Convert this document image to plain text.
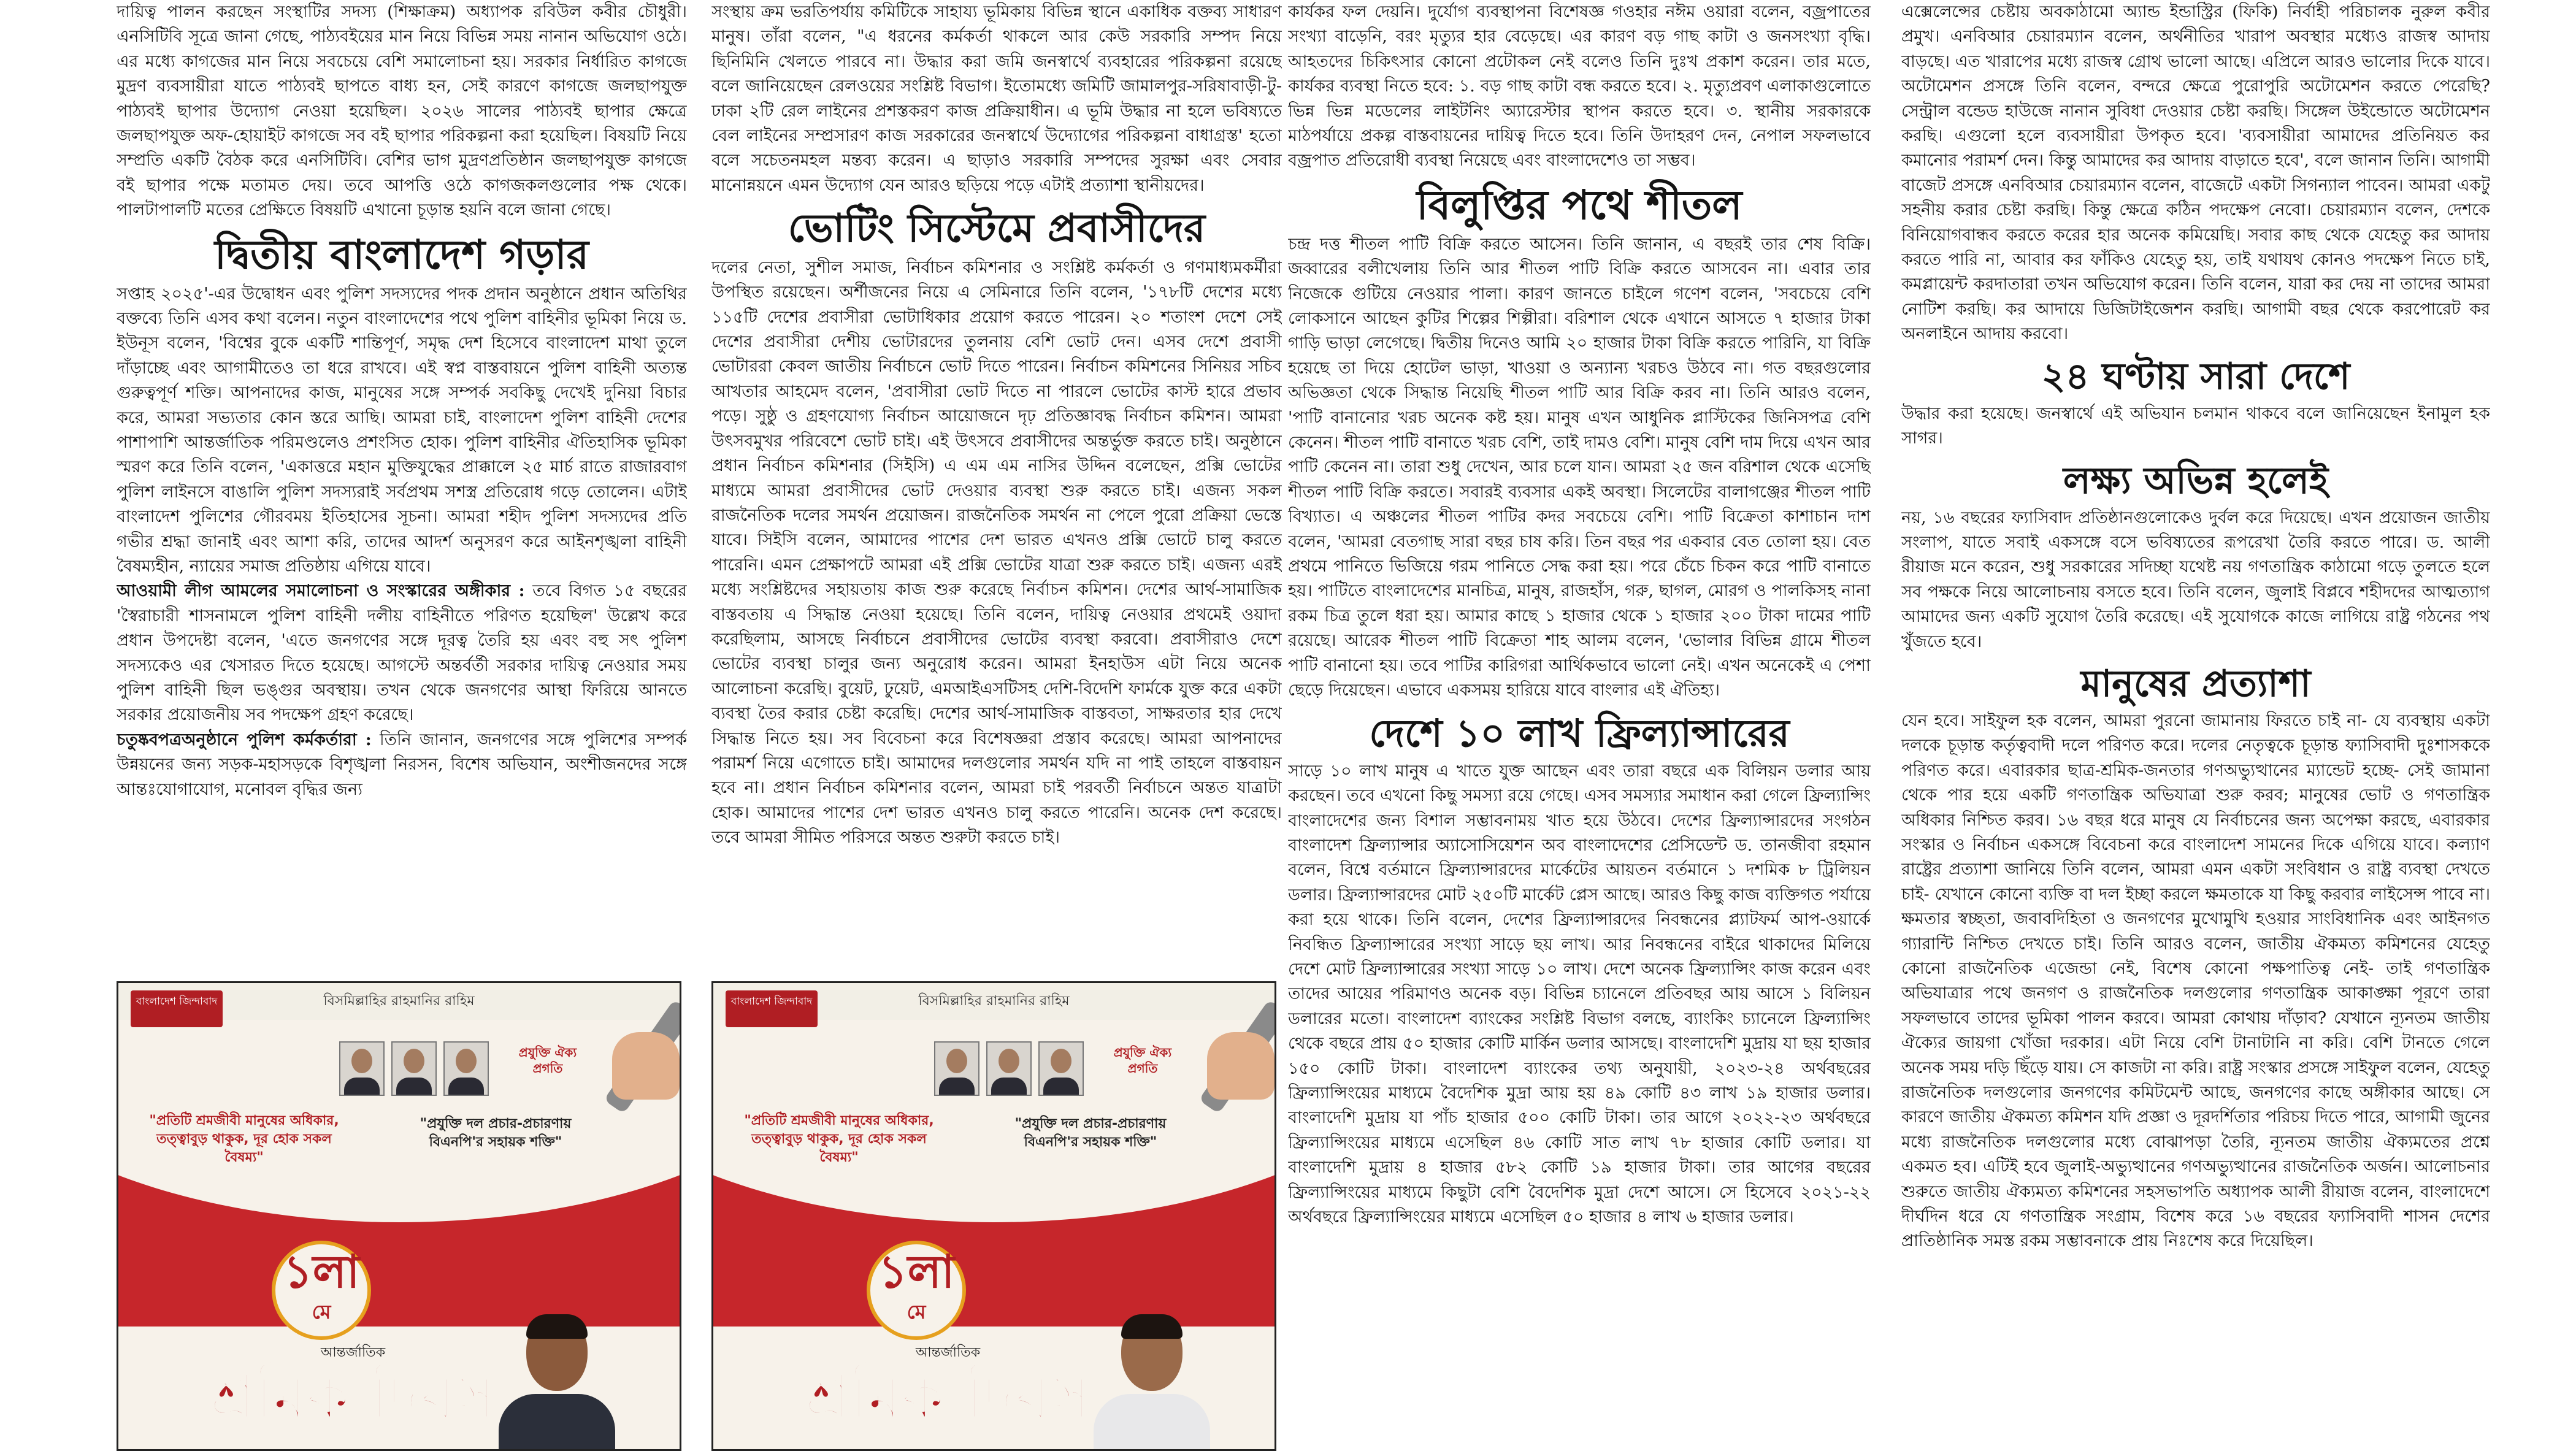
দায়িত্ব পালন করছেন সংস্থাটির সদস্য (শিক্ষাক্রম) অধ্যাপক রবিউল কবীর চৌধুরী। এনসিটিবি সূত্রে জানা গেছে, পাঠ্যবইয়ের মান নিয়ে বিভিন্ন সময় নানান অভিযোগ ওঠে। এর মধ্যে কাগজের মান নিয়ে সবচেয়ে বেশি সমালোচনা হয়। সরকার নির্ধারিত কাগজে মুদ্রণ ব্যবসায়ীরা যাতে পাঠ্যবই ছাপতে বাধ্য হন, সেই কারণে কাগজে জলছাপযুক্ত পাঠ্যবই ছাপার উদ্যোগ নেওয়া হয়েছিল। ২০২৬ সালের পাঠ্যবই ছাপার ক্ষেত্রে জলছাপযুক্ত অফ-হোয়াইট কাগজে সব বই ছাপার পরিকল্পনা করা হয়েছিল। বিষয়টি নিয়ে সম্প্রতি একটি বৈঠক করে এনসিটিবি। বেশির ভাগ মুদ্রণপ্রতিষ্ঠান জলছাপযুক্ত কাগজে বই ছাপার পক্ষে মতামত দেয়। তবে আপত্তি ওঠে কাগজকলগুলোর পক্ষ থেকে। পালটাপালটি মতের প্রেক্ষিতে বিষয়টি এখানো চূড়ান্ত হয়নি বলে জানা গেছে।

দ্বিতীয় বাংলাদেশ গড়ার

সপ্তাহ ২০২৫'-এর উদ্বোধন এবং পুলিশ সদস্যদের পদক প্রদান অনুষ্ঠানে প্রধান অতিথির বক্তব্যে তিনি এসব কথা বলেন। নতুন বাংলাদেশের পথে পুলিশ বাহিনীর ভূমিকা নিয়ে ড. ইউনূস বলেন, 'বিশ্বের বুকে একটি শান্তিপূর্ণ, সমৃদ্ধ দেশ হিসেবে বাংলাদেশ মাথা তুলে দাঁড়াচ্ছে এবং আগামীতেও তা ধরে রাখবে। এই স্বপ্ন বাস্তবায়নে পুলিশ বাহিনী অত্যন্ত গুরুত্বপূর্ণ শক্তি। আপনাদের কাজ, মানুষের সঙ্গে সম্পর্ক সবকিছু দেখেই দুনিয়া বিচার করে, আমরা সভ্যতার কোন স্তরে আছি। আমরা চাই, বাংলাদেশ পুলিশ বাহিনী দেশের পাশাপাশি আন্তর্জাতিক পরিমণ্ডলেও প্রশংসিত হোক। পুলিশ বাহিনীর ঐতিহাসিক ভূমিকা স্মরণ করে তিনি বলেন, 'একাত্তরে মহান মুক্তিযুদ্ধের প্রাক্কালে ২৫ মার্চ রাতে রাজারবাগ পুলিশ লাইনসে বাঙালি পুলিশ সদস্যরাই সর্বপ্রথম সশস্ত্র প্রতিরোধ গড়ে তোলেন। এটাই বাংলাদেশ পুলিশের গৌরবময় ইতিহাসের সূচনা। আমরা শহীদ পুলিশ সদস্যদের প্রতি গভীর শ্রদ্ধা জানাই এবং আশা করি, তাদের আদর্শ অনুসরণ করে আইনশৃঙ্খলা বাহিনী বৈষম্যহীন, ন্যায়ের সমাজ প্রতিষ্ঠায় এগিয়ে যাবে।

আওয়ামী লীগ আমলের সমালোচনা ও সংস্কারের অঙ্গীকার : তবে বিগত ১৫ বছরের 'স্বৈরাচারী শাসনামলে পুলিশ বাহিনী দলীয় বাহিনীতে পরিণত হয়েছিল' উল্লেখ করে প্রধান উপদেষ্টা বলেন, 'এতে জনগণের সঙ্গে দূরত্ব তৈরি হয় এবং বহু সৎ পুলিশ সদস্যকেও এর খেসারত দিতে হয়েছে। আগস্টে অন্তর্বর্তী সরকার দায়িত্ব নেওয়ার সময় পুলিশ বাহিনী ছিল ভঙ্গুর অবস্থায়। তখন থেকে জনগণের আস্থা ফিরিয়ে আনতে সরকার প্রয়োজনীয় সব পদক্ষেপ গ্রহণ করেছে।

চতুষ্কবপত্রঅনুষ্ঠানে পুলিশ কর্মকর্তারা : তিনি জানান, জনগণের সঙ্গে পুলিশের সম্পর্ক উন্নয়নের জন্য সড়ক-মহাসড়কে বিশৃঙ্খলা নিরসন, বিশেষ অভিযান, অংশীজনদের সঙ্গে আন্তঃযোগাযোগ, মনোবল বৃদ্ধির জন্য

সংস্থায় ক্রম ভরতিপর্যায় কমিটিকে সাহায্য ভূমিকায় বিভিন্ন স্থানে একাধিক বক্তব্য সাধারণ মানুষ। তাঁরা বলেন, "এ ধরনের কর্মকর্তা থাকলে আর কেউ সরকারি সম্পদ নিয়ে ছিনিমিনি খেলতে পারবে না। উদ্ধার করা জমি জনস্বার্থে ব্যবহারের পরিকল্পনা রয়েছে বলে জানিয়েছেন রেলওয়ের সংশ্লিষ্ট বিভাগ। ইতোমধ্যে জমিটি জামালপুর-সরিষাবাড়ী-টু-ঢাকা ২টি রেল লাইনের প্রশস্তকরণ কাজ প্রক্রিয়াধীন। এ ভূমি উদ্ধার না হলে ভবিষ্যতে বেল লাইনের সম্প্রসারণ কাজ সরকারের জনস্বার্থে উদ্যোগের পরিকল্পনা বাধাগ্রস্ত' হতো বলে সচেতনমহল মন্তব্য করেন। এ ছাড়াও সরকারি সম্পদের সুরক্ষা এবং সেবার মানোন্নয়নে এমন উদ্যোগ যেন আরও ছড়িয়ে পড়ে এটাই প্রত্যাশা স্থানীয়দের।

ভোটিং সিস্টেমে প্রবাসীদের

দলের নেতা, সুশীল সমাজ, নির্বাচন কমিশনার ও সংশ্লিষ্ট কর্মকর্তা ও গণমাধ্যমকর্মীরা উপস্থিত রয়েছেন। অর্শীজনের নিয়ে এ সেমিনারে তিনি বলেন, '১৭৮টি দেশের মধ্যে ১১৫টি দেশের প্রবাসীরা ভোটাধিকার প্রয়োগ করতে পারেন। ২০ শতাংশ দেশে সেই দেশের প্রবাসীরা দেশীয় ভোটারদের তুলনায় বেশি ভোট দেন। এসব দেশে প্রবাসী ভোটাররা কেবল জাতীয় নির্বাচনে ভোট দিতে পারেন। নির্বাচন কমিশনের সিনিয়র সচিব আখতার আহমেদ বলেন, 'প্রবাসীরা ভোট দিতে না পারলে ভোটের কাস্ট হারে প্রভাব পড়ে। সুষ্ঠু ও গ্রহণযোগ্য নির্বাচন আয়োজনে দৃঢ় প্রতিজ্ঞাবদ্ধ নির্বাচন কমিশন। আমরা উৎসবমুখর পরিবেশে ভোট চাই। এই উৎসবে প্রবাসীদের অন্তর্ভুক্ত করতে চাই। অনুষ্ঠানে প্রধান নির্বাচন কমিশনার (সিইসি) এ এম এম নাসির উদ্দিন বলেছেন, প্রক্সি ভোটের মাধ্যমে আমরা প্রবাসীদের ভোট দেওয়ার ব্যবস্থা শুরু করতে চাই। এজন্য সকল রাজনৈতিক দলের সমর্থন প্রয়োজন। রাজনৈতিক সমর্থন না পেলে পুরো প্রক্রিয়া ভেস্তে যাবে। সিইসি বলেন, আমাদের পাশের দেশ ভারত এখনও প্রক্সি ভোটে চালু করতে পারেনি। এমন প্রেক্ষাপটে আমরা এই প্রক্সি ভোটের যাত্রা শুরু করতে চাই। এজন্য এরই মধ্যে সংশ্লিষ্টদের সহায়তায় কাজ শুরু করেছে নির্বাচন কমিশন। দেশের আর্থ-সামাজিক বাস্তবতায় এ সিদ্ধান্ত নেওয়া হয়েছে। তিনি বলেন, দায়িত্ব নেওয়ার প্রথমেই ওয়াদা করেছিলাম, আসছে নির্বাচনে প্রবাসীদের ভোটের ব্যবস্থা করবো। প্রবাসীরাও দেশে ভোটের ব্যবস্থা চালুর জন্য অনুরোধ করেন। আমরা ইনহাউস এটা নিয়ে অনেক আলোচনা করেছি। বুয়েট, ঢুয়েট, এমআইএসটিসহ দেশি-বিদেশি ফার্মকে যুক্ত করে একটা ব্যবস্থা তৈর করার চেষ্টা করেছি। দেশের আর্থ-সামাজিক বাস্তবতা, সাক্ষরতার হার দেখে সিদ্ধান্ত নিতে হয়। সব বিবেচনা করে বিশেষজ্ঞরা প্রস্তাব করেছে। আমরা আপনাদের পরামর্শ নিয়ে এগোতে চাই। আমাদের দলগুলোর সমর্থন যদি না পাই তাহলে বাস্তবায়ন হবে না। প্রধান নির্বাচন কমিশনার বলেন, আমরা চাই পরবর্তী নির্বাচনে অন্তত যাত্রাটা হোক। আমাদের পাশের দেশ ভারত এখনও চালু করতে পারেনি। অনেক দেশ করেছে। তবে আমরা সীমিত পরিসরে অন্তত শুরুটা করতে চাই।

কার্যকর ফল দেয়নি। দুর্যোগ ব্যবস্থাপনা বিশেষজ্ঞ গওহার নঈম ওয়ারা বলেন, বজ্রপাতের সংখ্যা বাড়েনি, বরং মৃত্যুর হার বেড়েছে। এর কারণ বড় গাছ কাটা ও জনসংখ্যা বৃদ্ধি। আহতদের চিকিৎসার কোনো প্রটোকল নেই বলেও তিনি দুঃখ প্রকাশ করেন। তার মতে, কার্যকর ব্যবস্থা নিতে হবে: ১. বড় গাছ কাটা বন্ধ করতে হবে। ২. মৃত্যুপ্রবণ এলাকাগুলোতে ভিন্ন ভিন্ন মডেলের লাইটনিং অ্যারেস্টার স্থাপন করতে হবে। ৩. স্থানীয় সরকারকে মাঠপর্যায়ে প্রকল্প বাস্তবায়নের দায়িত্ব দিতে হবে। তিনি উদাহরণ দেন, নেপাল সফলভাবে বজ্রপাত প্রতিরোধী ব্যবস্থা নিয়েছে এবং বাংলাদেশেও তা সম্ভব।

বিলুপ্তির পথে শীতল

চন্দ্র দত্ত শীতল পাটি বিক্রি করতে আসেন। তিনি জানান, এ বছরই তার শেষ বিক্রি। জব্বারের বলীখেলায় তিনি আর শীতল পাটি বিক্রি করতে আসবেন না। এবার তার নিজেকে গুটিয়ে নেওয়ার পালা। কারণ জানতে চাইলে গণেশ বলেন, 'সবচেয়ে বেশি লোকসানে আছেন কুটির শিল্পের শিল্পীরা। বরিশাল থেকে এখানে আসতে ৭ হাজার টাকা গাড়ি ভাড়া লেগেছে। দ্বিতীয় দিনেও আমি ২০ হাজার টাকা বিক্রি করতে পারিনি, যা বিক্রি হয়েছে তা দিয়ে হোটেল ভাড়া, খাওয়া ও অন্যান্য খরচও উঠবে না। গত বছরগুলোর অভিজ্ঞতা থেকে সিদ্ধান্ত নিয়েছি শীতল পাটি আর বিক্রি করব না। তিনি আরও বলেন, 'পাটি বানানোর খরচ অনেক কষ্ট হয়। মানুষ এখন আধুনিক প্লাস্টিকের জিনিসপত্র বেশি কেনেন। শীতল পাটি বানাতে খরচ বেশি, তাই দামও বেশি। মানুষ বেশি দাম দিয়ে এখন আর পাটি কেনেন না। তারা শুধু দেখেন, আর চলে যান। আমরা ২৫ জন বরিশাল থেকে এসেছি শীতল পাটি বিক্রি করতে। সবারই ব্যবসার একই অবস্থা। সিলেটের বালাগঞ্জের শীতল পাটি বিখ্যাত। এ অঞ্চলের শীতল পাটির কদর সবচেয়ে বেশি। পাটি বিক্রেতা কাশাচান দাশ বলেন, 'আমরা বেতগাছ সারা বছর চাষ করি। তিন বছর পর একবার বেত তোলা হয়। বেত প্রথমে পানিতে ভিজিয়ে গরম পানিতে সেদ্ধ করা হয়। পরে চেঁচে চিকন করে পাটি বানাতে হয়। পাটিতে বাংলাদেশের মানচিত্র, মানুষ, রাজহাঁস, গরু, ছাগল, মোরগ ও পালকিসহ নানা রকম চিত্র তুলে ধরা হয়। আমার কাছে ১ হাজার থেকে ১ হাজার ২০০ টাকা দামের পাটি রয়েছে। আরেক শীতল পাটি বিক্রেতা শাহ আলম বলেন, 'ভোলার বিভিন্ন গ্রামে শীতল পাটি বানানো হয়। তবে পাটির কারিগরা আর্থিকভাবে ভালো নেই। এখন অনেকেই এ পেশা ছেড়ে দিয়েছেন। এভাবে একসময় হারিয়ে যাবে বাংলার এই ঐতিহ্য।

দেশে ১০ লাখ ফ্রিল্যান্সারের

সাড়ে ১০ লাখ মানুষ এ খাতে যুক্ত আছেন এবং তারা বছরে এক বিলিয়ন ডলার আয় করছেন। তবে এখনো কিছু সমস্যা রয়ে গেছে। এসব সমস্যার সমাধান করা গেলে ফ্রিল্যান্সিং বাংলাদেশের জন্য বিশাল সম্ভাবনাময় খাত হয়ে উঠবে। দেশের ফ্রিল্যান্সারদের সংগঠন বাংলাদেশ ফ্রিল্যান্সার অ্যাসোসিয়েশন অব বাংলাদেশের প্রেসিডেন্ট ড. তানজীবা রহমান বলেন, বিশ্বে বর্তমানে ফ্রিল্যান্সারদের মার্কেটের আয়তন বর্তমানে ১ দশমিক ৮ ট্রিলিয়ন ডলার। ফ্রিল্যান্সারদের মোট ২৫০টি মার্কেট প্লেস আছে। আরও কিছু কাজ ব্যক্তিগত পর্যায়ে করা হয়ে থাকে। তিনি বলেন, দেশের ফ্রিল্যান্সারদের নিবন্ধনের প্ল্যাটফর্ম আপ-ওয়ার্কে নিবন্ধিত ফ্রিল্যান্সারের সংখ্যা সাড়ে ছয় লাখ। আর নিবন্ধনের বাইরে থাকাদের মিলিয়ে দেশে মোট ফ্রিল্যান্সারের সংখ্যা সাড়ে ১০ লাখ। দেশে অনেক ফ্রিল্যান্সিং কাজ করেন এবং তাদের আয়ের পরিমাণও অনেক বড়। বিভিন্ন চ্যানেলে প্রতিবছর আয় আসে ১ বিলিয়ন ডলারের মতো। বাংলাদেশ ব্যাংকের সংশ্লিষ্ট বিভাগ বলছে, ব্যাংকিং চ্যানেলে ফ্রিল্যান্সিং থেকে বছরে প্রায় ৫০ হাজার কোটি মার্কিন ডলার আসছে। বাংলাদেশি মুদ্রায় যা ছয় হাজার ১৫০ কোটি টাকা। বাংলাদেশ ব্যাংকের তথ্য অনুযায়ী, ২০২৩-২৪ অর্থবছরের ফ্রিল্যান্সিংয়ের মাধ্যমে বৈদেশিক মুদ্রা আয় হয় ৪৯ কোটি ৪৩ লাখ ১৯ হাজার ডলার। বাংলাদেশি মুদ্রায় যা পাঁচ হাজার ৫০০ কোটি টাকা। তার আগে ২০২২-২৩ অর্থবছরে ফ্রিল্যান্সিংয়ের মাধ্যমে এসেছিল ৪৬ কোটি সাত লাখ ৭৮ হাজার কোটি ডলার। যা বাংলাদেশি মুদ্রায় ৪ হাজার ৫৮২ কোটি ১৯ হাজার টাকা। তার আগের বছরের ফ্রিল্যান্সিংয়ের মাধ্যমে কিছুটা বেশি বৈদেশিক মুদ্রা দেশে আসে। সে হিসেবে ২০২১-২২ অর্থবছরে ফ্রিল্যান্সিংয়ের মাধ্যমে এসেছিল ৫০ হাজার ৪ লাখ ৬ হাজার ডলার।

এক্সেলেন্সের চেষ্টায় অবকাঠামো অ্যান্ড ইন্ডাস্ট্রির (ফিকি) নির্বাহী পরিচালক নুরুল কবীর প্রমুখ। এনবিআর চেয়ারম্যান বলেন, অর্থনীতির খারাপ অবস্থার মধ্যেও রাজস্ব আদায় বাড়ছে। এত খারাপের মধ্যে রাজস্ব গ্রোথ ভালো আছে। এপ্রিলে আরও ভালোর দিকে যাবে। অটোমেশন প্রসঙ্গে তিনি বলেন, বন্দরে ক্ষেত্রে পুরোপুরি অটোমেশন করতে পেরেছি? সেন্ট্রাল বন্ডেড হাউজে নানান সুবিধা দেওয়ার চেষ্টা করছি। সিঙ্গেল উইন্ডোতে অটোমেশন করছি। এগুলো হলে ব্যবসায়ীরা উপকৃত হবে। 'ব্যবসায়ীরা আমাদের প্রতিনিয়ত কর কমানোর পরামর্শ দেন। কিন্তু আমাদের কর আদায় বাড়াতে হবে', বলে জানান তিনি। আগামী বাজেট প্রসঙ্গে এনবিআর চেয়ারম্যান বলেন, বাজেটে একটা সিগন্যাল পাবেন। আমরা একটু সহনীয় করার চেষ্টা করছি। কিন্তু ক্ষেত্রে কঠিন পদক্ষেপ নেবো। চেয়ারম্যান বলেন, দেশকে বিনিয়োগবান্ধব করতে করের হার অনেক কমিয়েছি। সবার কাছ থেকে যেহেতু কর আদায় করতে পারি না, আবার কর ফাঁকিও যেহেতু হয়, তাই যথাযথ কোনও পদক্ষেপ নিতে চাই, কমপ্লায়েন্ট করদাতারা তখন অভিযোগ করেন। তিনি বলেন, যারা কর দেয় না তাদের আমরা নোটিশ করছি। কর আদায়ে ডিজিটাইজেশন করছি। আগামী বছর থেকে করপোরেট কর অনলাইনে আদায় করবো।

২৪ ঘণ্টায় সারা দেশে

উদ্ধার করা হয়েছে। জনস্বার্থে এই অভিযান চলমান থাকবে বলে জানিয়েছেন ইনামুল হক সাগর।

লক্ষ্য অভিন্ন হলেই

নয়, ১৬ বছরের ফ্যাসিবাদ প্রতিষ্ঠানগুলোকেও দুর্বল করে দিয়েছে। এখন প্রয়োজন জাতীয় সংলাপ, যাতে সবাই একসঙ্গে বসে ভবিষ্যতের রূপরেখা তৈরি করতে পারে। ড. আলী রীয়াজ মনে করেন, শুধু সরকারের সদিচ্ছা যথেষ্ট নয় গণতান্ত্রিক কাঠামো গড়ে তুলতে হলে সব পক্ষকে নিয়ে আলোচনায় বসতে হবে। তিনি বলেন, জুলাই বিপ্লবে শহীদদের আত্মত্যাগ আমাদের জন্য একটি সুযোগ তৈরি করেছে। এই সুযোগকে কাজে লাগিয়ে রাষ্ট্র গঠনের পথ খুঁজতে হবে।

মানুষের প্রত্যাশা

যেন হবে। সাইফুল হক বলেন, আমরা পুরনো জামানায় ফিরতে চাই না- যে ব্যবস্থায় একটা দলকে চূড়ান্ত কর্তৃত্ববাদী দলে পরিণত করে। দলের নেতৃত্বকে চূড়ান্ত ফ্যাসিবাদী দুঃশাসককে পরিণত করে। এবারকার ছাত্র-শ্রমিক-জনতার গণঅভ্যুত্থানের ম্যান্ডেট হচ্ছে- সেই জামানা থেকে পার হয়ে একটি গণতান্ত্রিক অভিযাত্রা শুরু করব; মানুষের ভোট ও গণতান্ত্রিক অধিকার নিশ্চিত করব। ১৬ বছর ধরে মানুষ যে নির্বাচনের জন্য অপেক্ষা করছে, এবারকার সংস্কার ও নির্বাচন একসঙ্গে বিবেচনা করে বাংলাদেশ সামনের দিকে এগিয়ে যাবে। কল্যাণ রাষ্ট্রের প্রত্যাশা জানিয়ে তিনি বলেন, আমরা এমন একটা সংবিধান ও রাষ্ট্র ব্যবস্থা দেখতে চাই- যেখানে কোনো ব্যক্তি বা দল ইচ্ছা করলে ক্ষমতাকে যা কিছু করবার লাইসেন্স পাবে না। ক্ষমতার স্বচ্ছতা, জবাবদিহিতা ও জনগণের মুখোমুখি হওয়ার সাংবিধানিক এবং আইনগত গ্যারান্টি নিশ্চিত দেখতে চাই। তিনি আরও বলেন, জাতীয় ঐকমত্য কমিশনের যেহেতু কোনো রাজনৈতিক এজেন্ডা নেই, বিশেষ কোনো পক্ষপাতিত্ব নেই- তাই গণতান্ত্রিক অভিযাত্রার পথে জনগণ ও রাজনৈতিক দলগুলোর গণতান্ত্রিক আকাঙ্ক্ষা পূরণে তারা সফলভাবে তাদের ভূমিকা পালন করবে। আমরা কোথায় দাঁড়াব? যেখানে ন্যূনতম জাতীয় ঐক্যের জায়গা খোঁজা দরকার। এটা নিয়ে বেশি টানাটানি না করি। বেশি টানতে গেলে অনেক সময় দড়ি ছিঁড়ে যায়। সে কাজটা না করি। রাষ্ট্র সংস্কার প্রসঙ্গে সাইফুল বলেন, যেহেতু রাজনৈতিক দলগুলোর জনগণের কমিটমেন্ট আছে, জনগণের কাছে অঙ্গীকার আছে। সে কারণে জাতীয় ঐকমত্য কমিশন যদি প্রজ্ঞা ও দূরদর্শিতার পরিচয় দিতে পারে, আগামী জুনের মধ্যে রাজনৈতিক দলগুলোর মধ্যে বোঝাপড়া তৈরি, ন্যূনতম জাতীয় ঐক্যমতের প্রশ্নে একমত হব। এটিই হবে জুলাই-অভ্যুত্থানের গণঅভ্যুত্থানের রাজনৈতিক অর্জন। আলোচনার শুরুতে জাতীয় ঐক্যমত্য কমিশনের সহসভাপতি অধ্যাপক আলী রীয়াজ বলেন, বাংলাদেশে দীর্ঘদিন ধরে যে গণতান্ত্রিক সংগ্রাম, বিশেষ করে ১৬ বছরের ফ্যাসিবাদী শাসন দেশের প্রাতিষ্ঠানিক সমস্ত রকম সম্ভাবনাকে প্রায় নিঃশেষ করে দিয়েছিল।

বিসমিল্লাহির রাহমানির রাহিম
বাংলাদেশ জিন্দাবাদ
প্রযুক্তি ঐক্য প্রগতি
"প্রতিটি শ্রমজীবী মানুষের অধিকার, তত্ত্বাবুড় থাকুক, দূর হোক সকল বৈষম্য"
"প্রযুক্তি দল প্রচার-প্রচারণায় বিএনপি'র সহায়ক শক্তি"
১লা
মে
আন্তর্জাতিক
শ্রমিক দিবস
বিসমিল্লাহির রাহমানির রাহিম
বাংলাদেশ জিন্দাবাদ
প্রযুক্তি ঐক্য প্রগতি
"প্রতিটি শ্রমজীবী মানুষের অধিকার, তত্ত্বাবুড় থাকুক, দূর হোক সকল বৈষম্য"
"প্রযুক্তি দল প্রচার-প্রচারণায় বিএনপি'র সহায়ক শক্তি"
১লা
মে
আন্তর্জাতিক
শ্রমিক দিবস
